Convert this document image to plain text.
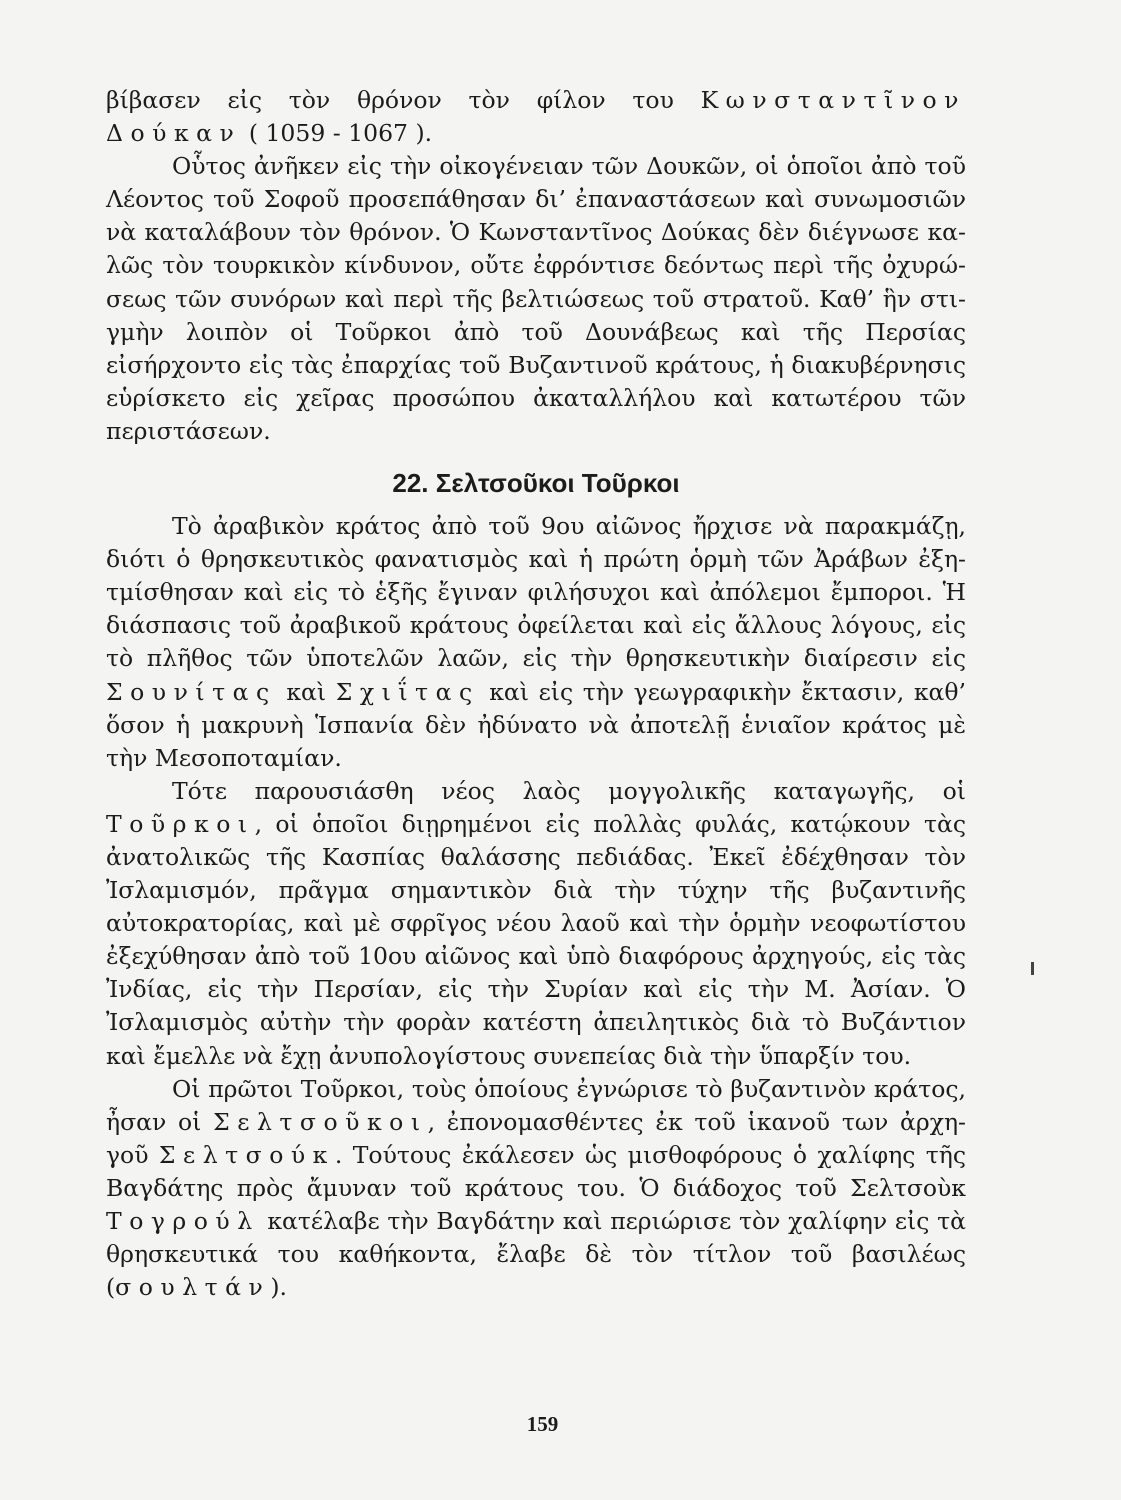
βίβασεν εἰς τὸν θρόνον τὸν φίλον του Κωνσταντῖνον Δούκαν ( 1059 - 1067 ).

Οὗτος ἀνῆκεν εἰς τὴν οἰκογένειαν τῶν Δουκῶν, οἱ ὁποῖοι ἀπὸ τοῦ Λέοντος τοῦ Σοφοῦ προσεπάθησαν δι’ ἐπαναστάσεων καὶ συνωμοσιῶν νὰ καταλάβουν τὸν θρόνον. Ὁ Κωνσταντῖνος Δούκας δὲν διέγνωσε καλῶς τὸν τουρκικὸν κίνδυνον, οὔτε ἐφρόντισε δεόντως περὶ τῆς ὀχυρώσεως τῶν συνόρων καὶ περὶ τῆς βελτιώσεως τοῦ στρατοῦ. Καθ’ ἣν στιγμὴν λοιπὸν οἱ Τοῦρκοι ἀπὸ τοῦ Δουνάβεως καὶ τῆς Περσίας εἰσήρχοντο εἰς τὰς ἐπαρχίας τοῦ Βυζαντινοῦ κράτους, ἡ διακυβέρνησις εὑρίσκετο εἰς χεῖρας προσώπου ἀκαταλλήλου καὶ κατωτέρου τῶν περιστάσεων.

22. Σελτσοῦκοι Τοῦρκοι

Τὸ ἀραβικὸν κράτος ἀπὸ τοῦ 9ου αἰῶνος ἤρχισε νὰ παρακμάζῃ, διότι ὁ θρησκευτικὸς φανατισμὸς καὶ ἡ πρώτη ὁρμὴ τῶν Ἀράβων ἐξητμίσθησαν καὶ εἰς τὸ ἑξῆς ἔγιναν φιλήσυχοι καὶ ἀπόλεμοι ἔμποροι. Ἡ διάσπασις τοῦ ἀραβικοῦ κράτους ὀφείλεται καὶ εἰς ἄλλους λόγους, εἰς τὸ πλῆθος τῶν ὑποτελῶν λαῶν, εἰς τὴν θρησκευτικὴν διαίρεσιν εἰς Σουνίτας καὶ Σχιΐτας καὶ εἰς τὴν γεωγραφικὴν ἔκτασιν, καθ’ ὅσον ἡ μακρυνὴ Ἱσπανία δὲν ἠδύνατο νὰ ἀποτελῇ ἑνιαῖον κράτος μὲ τὴν Μεσοποταμίαν.

Τότε παρουσιάσθη νέος λαὸς μογγολικῆς καταγωγῆς, οἱ Τοῦρκοι, οἱ ὁποῖοι διῃρημένοι εἰς πολλὰς φυλάς, κατῴκουν τὰς ἀνατολικῶς τῆς Κασπίας θαλάσσης πεδιάδας. Ἐκεῖ ἐδέχθησαν τὸν Ἰσλαμισμόν, πρᾶγμα σημαντικὸν διὰ τὴν τύχην τῆς βυζαντινῆς αὐτοκρατορίας, καὶ μὲ σφρῖγος νέου λαοῦ καὶ τὴν ὁρμὴν νεοφωτίστου ἐξεχύθησαν ἀπὸ τοῦ 10ου αἰῶνος καὶ ὑπὸ διαφόρους ἀρχηγούς, εἰς τὰς Ἰνδίας, εἰς τὴν Περσίαν, εἰς τὴν Συρίαν καὶ εἰς τὴν Μ. Ἀσίαν. Ὁ Ἰσλαμισμὸς αὐτὴν τὴν φορὰν κατέστη ἀπειλητικὸς διὰ τὸ Βυζάντιον καὶ ἔμελλε νὰ ἔχῃ ἀνυπολογίστους συνεπείας διὰ τὴν ὕπαρξίν του.

Οἱ πρῶτοι Τοῦρκοι, τοὺς ὁποίους ἐγνώρισε τὸ βυζαντινὸν κράτος, ἦσαν οἱ Σελτσοῦκοι, ἐπονομασθέντες ἐκ τοῦ ἱκανοῦ των ἀρχηγοῦ Σελτσούκ. Τούτους ἐκάλεσεν ὡς μισθοφόρους ὁ χαλίφης τῆς Βαγδάτης πρὸς ἄμυναν τοῦ κράτους του. Ὁ διάδοχος τοῦ Σελτσοὺκ Τογρούλ κατέλαβε τὴν Βαγδάτην καὶ περιώρισε τὸν χαλίφην εἰς τὰ θρησκευτικά του καθήκοντα, ἔλαβε δὲ τὸν τίτλον τοῦ βασιλέως (σουλτάν).

159
